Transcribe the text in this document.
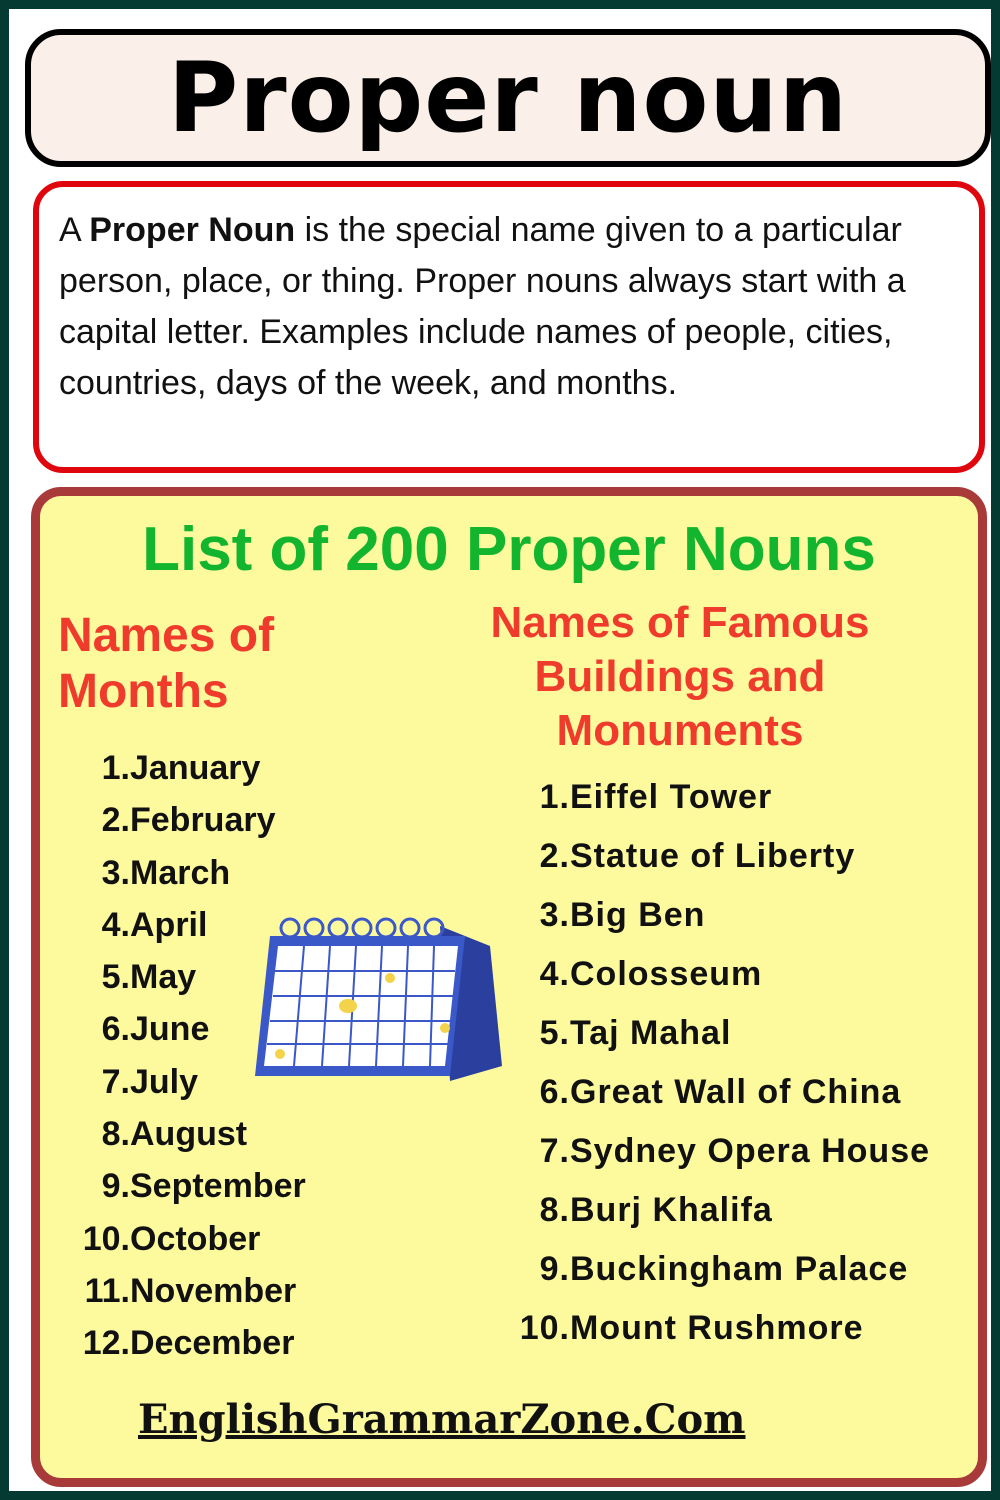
Proper noun
A Proper Noun is the special name given to a particular person, place, or thing. Proper nouns always start with a capital letter. Examples include names of people, cities, countries, days of the week, and months.
List of 200 Proper Nouns
Names of Months
Names of Famous Buildings and Monuments
1.January
2.February
3.March
4.April
5.May
6.June
7.July
8.August
9.September
10.October
11.November
12.December
1.Eiffel Tower
2.Statue of Liberty
3.Big Ben
4.Colosseum
5.Taj Mahal
6.Great Wall of China
7.Sydney Opera House
8.Burj Khalifa
9.Buckingham Palace
10.Mount Rushmore
EnglishGrammarZone.Com
